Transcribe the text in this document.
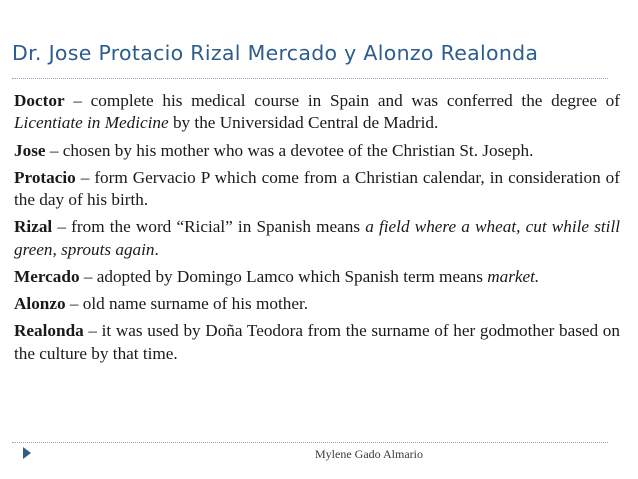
Dr. Jose Protacio Rizal Mercado y Alonzo Realonda

Doctor – complete his medical course in Spain and was conferred the degree of Licentiate in Medicine by the Universidad Central de Madrid.

Jose – chosen by his mother who was a devotee of the Christian St. Joseph.

Protacio – form Gervacio P which come from a Christian calendar, in consideration of the day of his birth.

Rizal – from the word “Ricial” in Spanish means a field where a wheat, cut while still green, sprouts again.

Mercado – adopted by Domingo Lamco which Spanish term means market.

Alonzo – old name surname of his mother.

Realonda – it was used by Doña Teodora from the surname of her godmother based on the culture by that time.

Mylene Gado Almario
